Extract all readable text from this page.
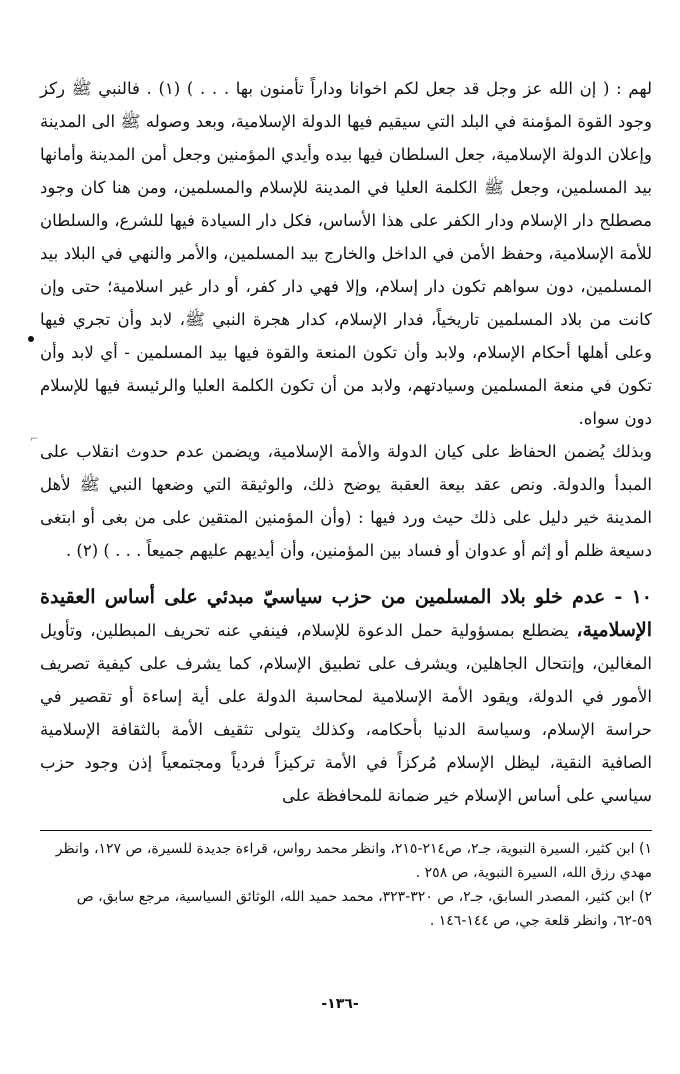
⌐

لهم : ( إن الله عز وجل قد جعل لكم اخوانا وداراً تأمنون بها . . . ) (١) . فالنبي ﷺ ركز وجود القوة المؤمنة في البلد التي سيقيم فيها الدولة الإسلامية، وبعد وصوله ﷺ الى المدينة وإعلان الدولة الإسلامية، جعل السلطان فيها بيده وأيدي المؤمنين وجعل أمن المدينة وأمانها بيد المسلمين، وجعل ﷺ الكلمة العليا في المدينة للإسلام والمسلمين، ومن هنا كان وجود مصطلح دار الإسلام ودار الكفر على هذا الأساس، فكل دار السيادة فيها للشرع، والسلطان للأمة الإسلامية، وحفظ الأمن في الداخل والخارج بيد المسلمين، والأمر والنهي في البلاد بيد المسلمين، دون سواهم تكون دار إسلام، وإلا فهي دار كفر، أو دار غير اسلامية؛ حتى وإن كانت من بلاد المسلمين تاريخياً، فدار الإسلام، كدار هجرة النبي ﷺ، لابد وأن تجري فيها وعلى أهلها أحكام الإسلام، ولابد وأن تكون المنعة والقوة فيها بيد المسلمين - أي لابد وأن تكون في منعة المسلمين وسيادتهم، ولابد من أن تكون الكلمة العليا والرئيسة فيها للإسلام دون سواه.

وبذلك يُضمن الحفاظ على كيان الدولة والأمة الإسلامية، ويضمن عدم حدوث انقلاب على المبدأ والدولة. ونص عقد بيعة العقبة يوضح ذلك، والوثيقة التي وضعها النبي ﷺ لأهل المدينة خير دليل على ذلك حيث ورد فيها : (وأن المؤمنين المتقين على من بغى أو ابتغى دسيعة ظلم أو إثم أو عدوان أو فساد بين المؤمنين، وأن أيديهم عليهم جميعاً . . . ) (٢) .

١٠ - عدم خلو بلاد المسلمين من حزب سياسيّ مبدئي على أساس العقيدة الإسلامية، يضطلع بمسؤولية حمل الدعوة للإسلام، فينفي عنه تحريف المبطلين، وتأويل المغالين، وإنتحال الجاهلين، ويشرف على تطبيق الإسلام، كما يشرف على كيفية تصريف الأمور في الدولة، ويقود الأمة الإسلامية لمحاسبة الدولة على أية إساءة أو تقصير في حراسة الإسلام، وسياسة الدنيا بأحكامه، وكذلك يتولى تثقيف الأمة بالثقافة الإسلامية الصافية النقية، ليظل الإسلام مُركزاً في الأمة تركيزاً فردياً ومجتمعياً إذن وجود حزب سياسي على أساس الإسلام خير ضمانة للمحافظة على
١) ابن كثير، السيرة النبوية، جـ٢، ص٢١٤-٢١٥، وانظر محمد رواس، قراءة جديدة للسيرة، ص ١٢٧، وانظر مهدي رزق الله، السيرة النبوية، ص ٢٥٨ .
٢) ابن كثير، المصدر السابق، جـ٢، ص ٣٢٠-٣٢٣، محمد حميد الله، الوثائق السياسية، مرجع سابق، ص ٥٩-٦٢، وانظر قلعة جي، ص ١٤٤-١٤٦ .
-١٣٦-
